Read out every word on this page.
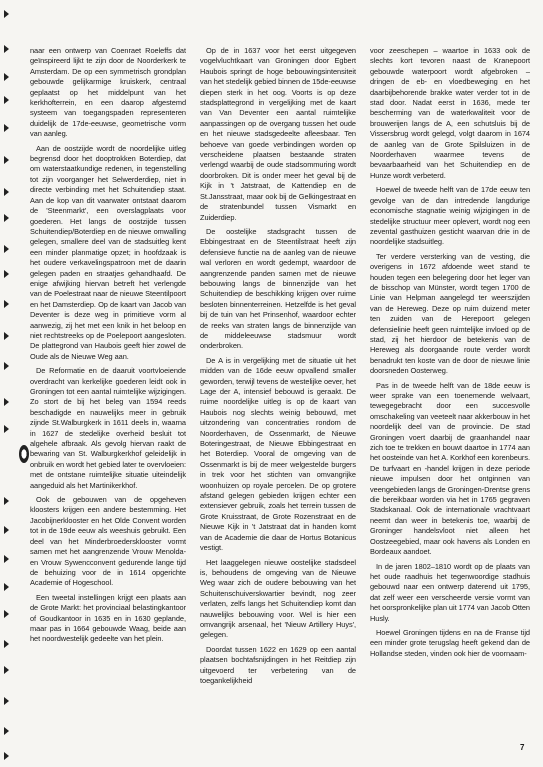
naar een ontwerp van Coenraet Roeleffs dat geïnspireerd lijkt te zijn door de Noorderkerk te Amsterdam. De op een symmetrisch grondplan gebouwde gelijkarmige kruiskerk, centraal geplaatst op het middelpunt van het kerkhofterrein, en een daarop afgestemd systeem van toegangspaden representeren duidelijk de 17de-eeuwse, geometrische vorm van aanleg.

Aan de oostzijde wordt de noordelijke uitleg begrensd door het dooptrokken Boterdiep, dat om waterstaatkundige redenen, in tegenstelling tot zijn voorganger het Selwerderdiep, niet in directe verbinding met het Schuitendiep staat. Aan de kop van dit vaarwater ontstaat daarom de 'Steenmarkt', een overslagplaats voor goederen. Het langs de oostzijde tussen Schuitendiep/Boterdiep en de nieuwe omwalling gelegen, smallere deel van de stadsuitleg kent een minder planmatige opzet; in hoofdzaak is het oudere verkavelingspatroon met de daarin gelegen paden en straatjes gehandhaafd. De enige afwijking hiervan betreft het verlengde van de Poelestraat naar de nieuwe Steentilpoort en het Damsterdiep. Op de kaart van Jacob van Deventer is deze weg in primitieve vorm al aanwezig, zij het met een knik in het beloop en niet rechtstreeks op de Poelepoort aangesloten. De plattegrond van Haubois geeft hier zowel de Oude als de Nieuwe Weg aan.

De Reformatie en de daaruit voortvloeiende overdracht van kerkelijke goederen leidt ook in Groningen tot een aantal ruimtelijke wijzigingen. Zo stort de bij het beleg van 1594 reeds beschadigde en nauwelijks meer in gebruik zijnde St.Walburgkerk in 1611 deels in, waarna in 1627 de stedelijke overheid besluit tot algehele afbraak. Als gevolg hiervan raakt de bewaring van St. Walburgkerkhof geleidelijk in onbruik en wordt het gebied later te overvloeien: met de ontstane ruimtelijke situatie uiteindelijk aangeduid als het Martinikerkhof.

Ook de gebouwen van de opgeheven kloosters krijgen een andere bestemming. Het Jacobijnerklooster en het Olde Convent worden tot in de 19de eeuw als weeshuis gebruikt. Een deel van het Minderbroedersklooster vormt samen met het aangrenzende Vrouw Menolda- en Vrouw Sywencconvent gedurende lange tijd de behuizing voor de in 1614 opgerichte Academie of Hogeschool.

Een tweetal instellingen krijgt een plaats aan de Grote Markt: het provinciaal belastingkantoor of Goudkantoor in 1635 en in 1630 geplande, maar pas in 1664 gebouwde Waag, beide aan het noordwestelijk gedeelte van het plein.

Op de in 1637 voor het eerst uitgegeven vogelvluchtkaart van Groningen door Egbert Haubois springt de hoge bebouwingsintensiteit van het stedelijk gebied binnen de 15de-eeuwse diepen sterk in het oog. Voorts is op deze stadsplattegrond in vergelijking met de kaart van Van Deventer een aantal ruimtelijke aanpassingen op de overgang tussen het oude en het nieuwe stadsgedeelte afleesbaar. Ten behoeve van goede verbindingen worden op verscheidene plaatsen bestaande straten verlengd waarbij de oude stadsommuring wordt doorbroken. Dit is onder meer het geval bij de Kijk in 't Jatstraat, de Kattendiep en de St.Jansstraat, maar ook bij de Gelkingestraat en de stratenbundel tussen Vismarkt en Zuiderdiep.

De oostelijke stadsgracht tussen de Ebbingestraat en de Steentilstraat heeft zijn defensieve functie na de aanleg van de nieuwe wal verloren en wordt gedempt, waardoor de aangrenzende panden samen met de nieuwe bebouwing langs de binnenzijde van het Schuitendiep de beschikking krijgen over ruime besloten binnenterreinen. Hetzelfde is het geval bij de tuin van het Prinsenhof, waardoor echter de reeks van straten langs de binnenzijde van de middeleeuwse stadsmuur wordt onderbroken.

De A is in vergelijking met de situatie uit het midden van de 16de eeuw opvallend smaller geworden, terwijl tevens de westelijke oever, het Lage der A, intensief bebouwd is geraakt. De ruime noordelijke uitleg is op de kaart van Haubois nog slechts weinig bebouwd, met uitzondering van concentraties rondom de Noorderhaven, de Ossenmarkt, de Nieuwe Boteringestraat, de Nieuwe Ebbingestraat en het Boterdiep. Vooral de omgeving van de Ossenmarkt is bij de meer welgestelde burgers in trek voor het stichten van omvangrijke woonhuizen op royale percelen. De op grotere afstand gelegen gebieden krijgen echter een extensiever gebruik, zoals het terrein tussen de Grote Kruisstraat, de Grote Rozenstraat en de Nieuwe Kijk in 't Jatstraat dat in handen komt van de Academie die daar de Hortus Botanicus vestigt.

Het laaggelegen nieuwe oostelijke stadsdeel is, behoudens de omgeving van de Nieuwe Weg waar zich de oudere bebouwing van het Schuitenschuiverskwartier bevindt, nog zeer verlaten, zelfs langs het Schuitendiep komt dan nauwelijks bebouwing voor. Wel is hier een omvangrijk arsenaal, het 'Nieuw Artillery Huys', gelegen.

Doordat tussen 1622 en 1629 op een aantal plaatsen bochtafsnijdingen in het Reitdiep zijn uitgevoerd ter verbetering van de toegankelijkheid

voor zeeschepen – waartoe in 1633 ook de slechts kort tevoren naast de Kranepoort gebouwde waterpoort wordt afgebroken – dringen de eb- en vloedbeweging en het daarbijbehorende brakke water verder tot in de stad door. Nadat eerst in 1636, mede ter bescherming van de waterkwaliteit voor de brouwerijen langs de A, een schutsluis bij de Vissersbrug wordt gelegd, volgt daarom in 1674 de aanleg van de Grote Spilsluizen in de Noorderhaven waarmee tevens de bevaarbaarheid van het Schuitendiep en de Hunze wordt verbeterd.

Hoewel de tweede helft van de 17de eeuw ten gevolge van de dan intredende langdurige economische stagnatie weinig wijzigingen in de stedelijke structuur meer oplevert, wordt nog een zevental gasthuizen gesticht waarvan drie in de noordelijke stadsuitleg.

Ter verdere versterking van de vesting, die overigens in 1672 afdoende weet stand te houden tegen een belegering door het leger van de bisschop van Münster, wordt tegen 1700 de Linie van Helpman aangelegd ter weerszijden van de Hereweg. Deze op ruim duizend meter ten zuiden van de Herepoort gelegen defensielinie heeft geen ruimtelijke invloed op de stad, zij het hierdoor de betekenis van de Hereweg als doorgaande route verder wordt benadrukt ten koste van de door de nieuwe linie doorsneden Oosterweg.

Pas in de tweede helft van de 18de eeuw is weer sprake van een toenemende welvaart, tewegegebracht door een succesvolle omschakeling van veeteelt naar akkerbouw in het noordelijk deel van de provincie. De stad Groningen voert daarbij de graanhandel naar zich toe te trekken en bouwt daartoe in 1774 aan het oosteinde van het A. Korkhof een korenbeurs. De turfvaart en -handel krijgen in deze periode nieuwe impulsen door het ontginnen van veengebieden langs de Groningen-Drentse grens die bereikbaar worden via het in 1765 gegraven Stadskanaal. Ook de internationale vrachtvaart neemt dan weer in betekenis toe, waarbij de Groninger handelsvloot niet alleen het Oostzeegebied, maar ook havens als Londen en Bordeaux aandoet.

In de jaren 1802–1810 wordt op de plaats van het oude raadhuis het tegenwoordige stadhuis gebouwd naar een ontwerp daterend uit 1795, dat zelf weer een verscheerde versie vormt van het oorspronkelijke plan uit 1774 van Jacob Otten Husly.

Hoewel Groningen tijdens en na de Franse tijd een minder grote terugslag heeft gekend dan de Hollandse steden, vinden ook hier de voornaam-

7
